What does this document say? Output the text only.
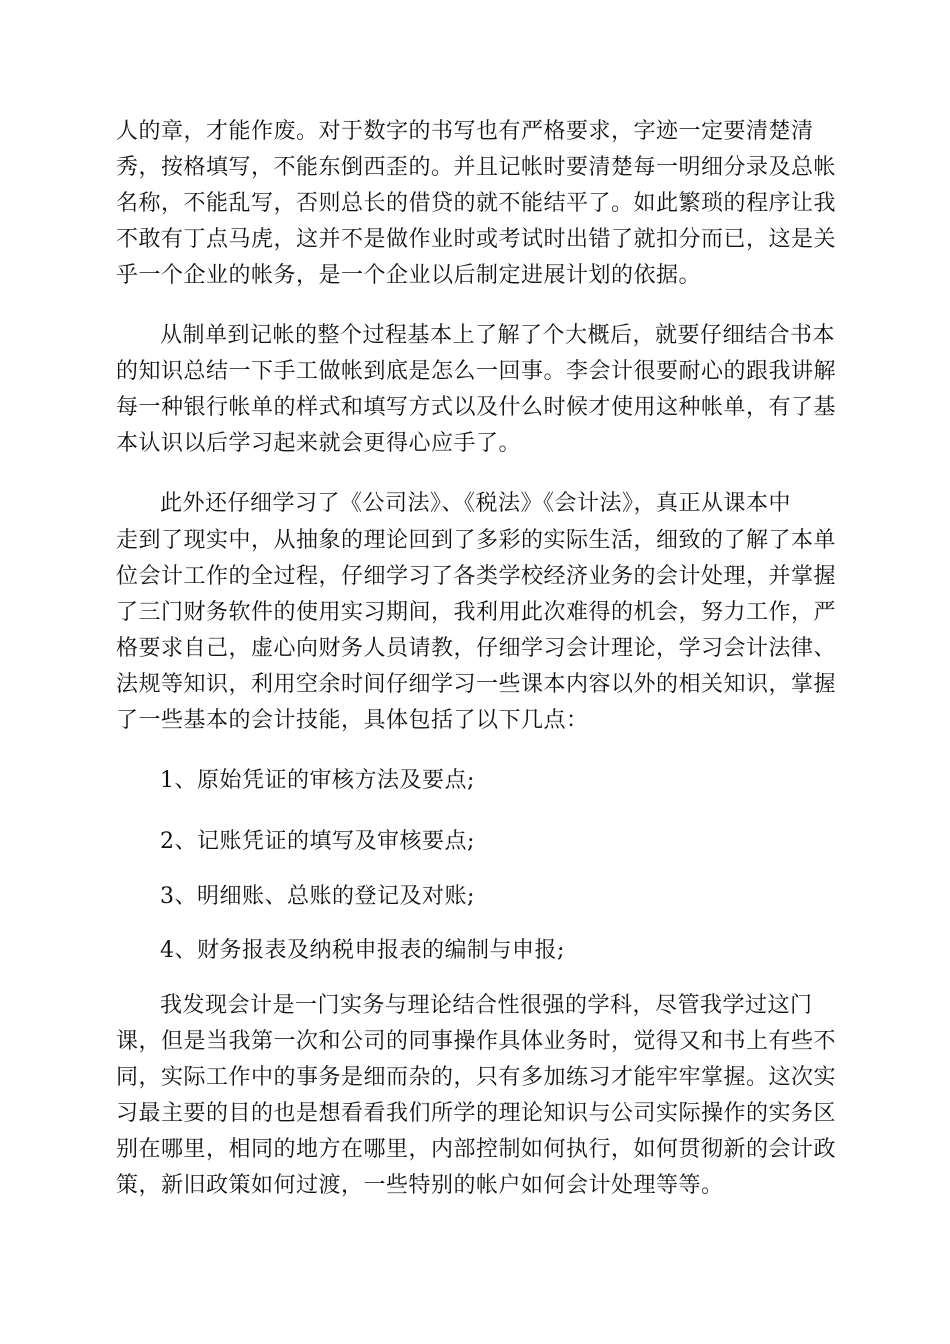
人的章，才能作废。对于数字的书写也有严格要求，字迹一定要清楚清
秀，按格填写，不能东倒西歪的。并且记帐时要清楚每一明细分录及总帐
名称，不能乱写，否则总长的借贷的就不能结平了。如此繁琐的程序让我
不敢有丁点马虎，这并不是做作业时或考试时出错了就扣分而已，这是关
乎一个企业的帐务，是一个企业以后制定进展计划的依据。
从制单到记帐的整个过程基本上了解了个大概后，就要仔细结合书本
的知识总结一下手工做帐到底是怎么一回事。李会计很要耐心的跟我讲解
每一种银行帐单的样式和填写方式以及什么时候才使用这种帐单，有了基
本认识以后学习起来就会更得心应手了。
此外还仔细学习了《公司法》、《税法》《会计法》，真正从课本中
走到了现实中，从抽象的理论回到了多彩的实际生活，细致的了解了本单
位会计工作的全过程，仔细学习了各类学校经济业务的会计处理，并掌握
了三门财务软件的使用实习期间，我利用此次难得的机会，努力工作，严
格要求自己，虚心向财务人员请教，仔细学习会计理论，学习会计法律、
法规等知识，利用空余时间仔细学习一些课本内容以外的相关知识，掌握
了一些基本的会计技能，具体包括了以下几点：
1、原始凭证的审核方法及要点;
2、记账凭证的填写及审核要点;
3、明细账、总账的登记及对账;
4、财务报表及纳税申报表的编制与申报;
我发现会计是一门实务与理论结合性很强的学科，尽管我学过这门
课，但是当我第一次和公司的同事操作具体业务时，觉得又和书上有些不
同，实际工作中的事务是细而杂的，只有多加练习才能牢牢掌握。这次实
习最主要的目的也是想看看我们所学的理论知识与公司实际操作的实务区
别在哪里，相同的地方在哪里，内部控制如何执行，如何贯彻新的会计政
策，新旧政策如何过渡，一些特别的帐户如何会计处理等等。
